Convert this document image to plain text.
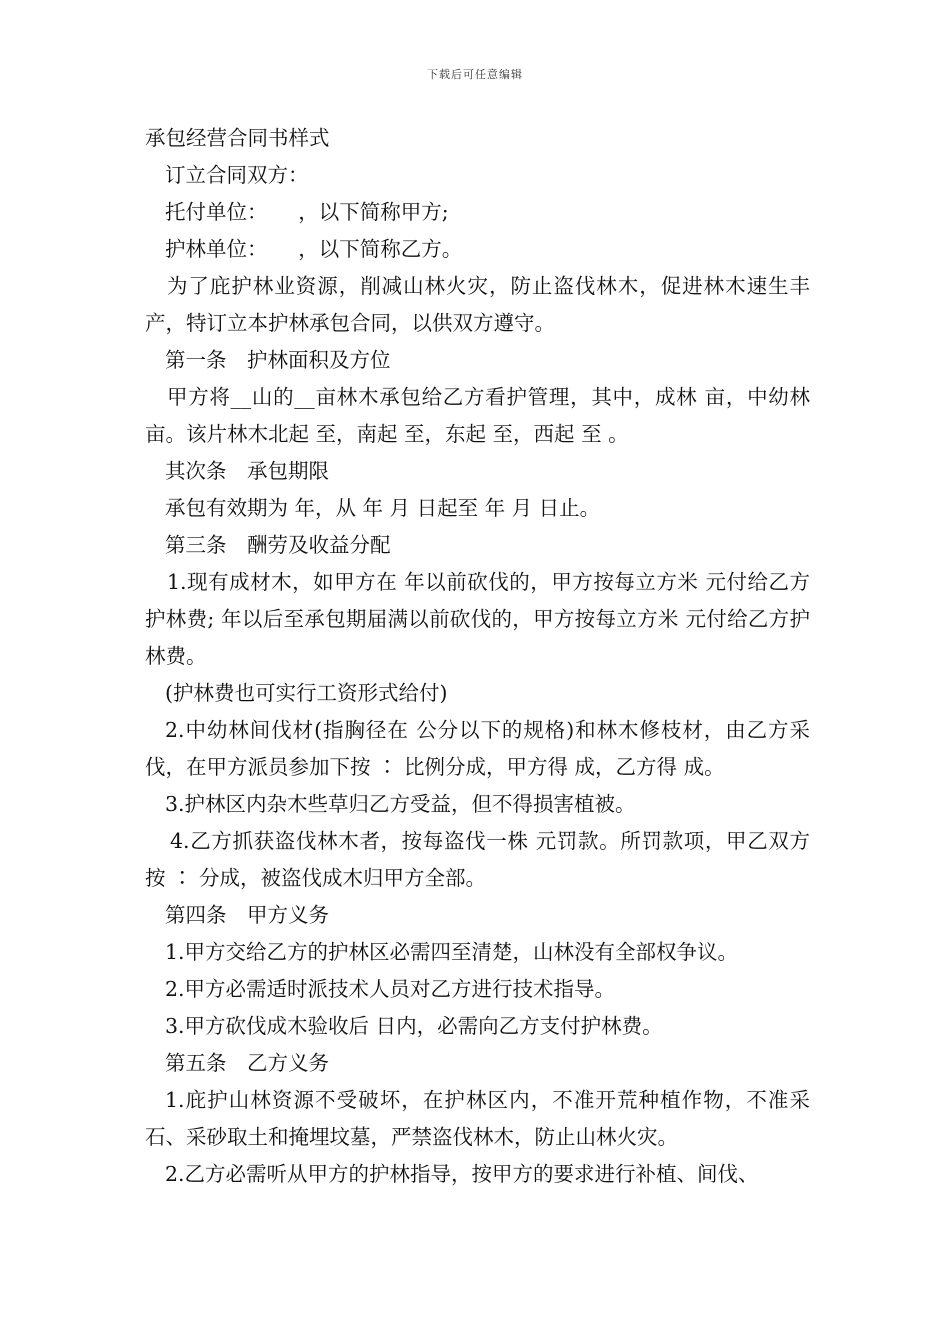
下载后可任意编辑
承包经营合同书样式
订立合同双方：
托付单位：　　，以下简称甲方;
护林单位：　　，以下简称乙方。
为了庇护林业资源，削减山林火灾，防止盗伐林木，促进林木速生丰产，特订立本护林承包合同，以供双方遵守。
第一条　护林面积及方位
甲方将__山的__亩林木承包给乙方看护管理，其中，成林 亩，中幼林 亩。该片林木北起 至，南起 至，东起 至，西起 至 。
其次条　承包期限
承包有效期为 年，从 年 月 日起至 年 月 日止。
第三条　酬劳及收益分配
1.现有成材木，如甲方在 年以前砍伐的，甲方按每立方米 元付给乙方护林费; 年以后至承包期届满以前砍伐的，甲方按每立方米 元付给乙方护林费。
(护林费也可实行工资形式给付)
2.中幼林间伐材(指胸径在 公分以下的规格)和林木修枝材，由乙方采伐，在甲方派员参加下按 ∶ 比例分成，甲方得 成，乙方得 成。
3.护林区内杂木些草归乙方受益，但不得损害植被。
4.乙方抓获盗伐林木者，按每盗伐一株 元罚款。所罚款项，甲乙双方按 ∶ 分成，被盗伐成木归甲方全部。
第四条　甲方义务
1.甲方交给乙方的护林区必需四至清楚，山林没有全部权争议。
2.甲方必需适时派技术人员对乙方进行技术指导。
3.甲方砍伐成木验收后 日内，必需向乙方支付护林费。
第五条　乙方义务
1.庇护山林资源不受破坏，在护林区内，不准开荒种植作物，不准采石、采砂取土和掩埋坟墓，严禁盗伐林木，防止山林火灾。
2.乙方必需听从甲方的护林指导，按甲方的要求进行补植、间伐、
